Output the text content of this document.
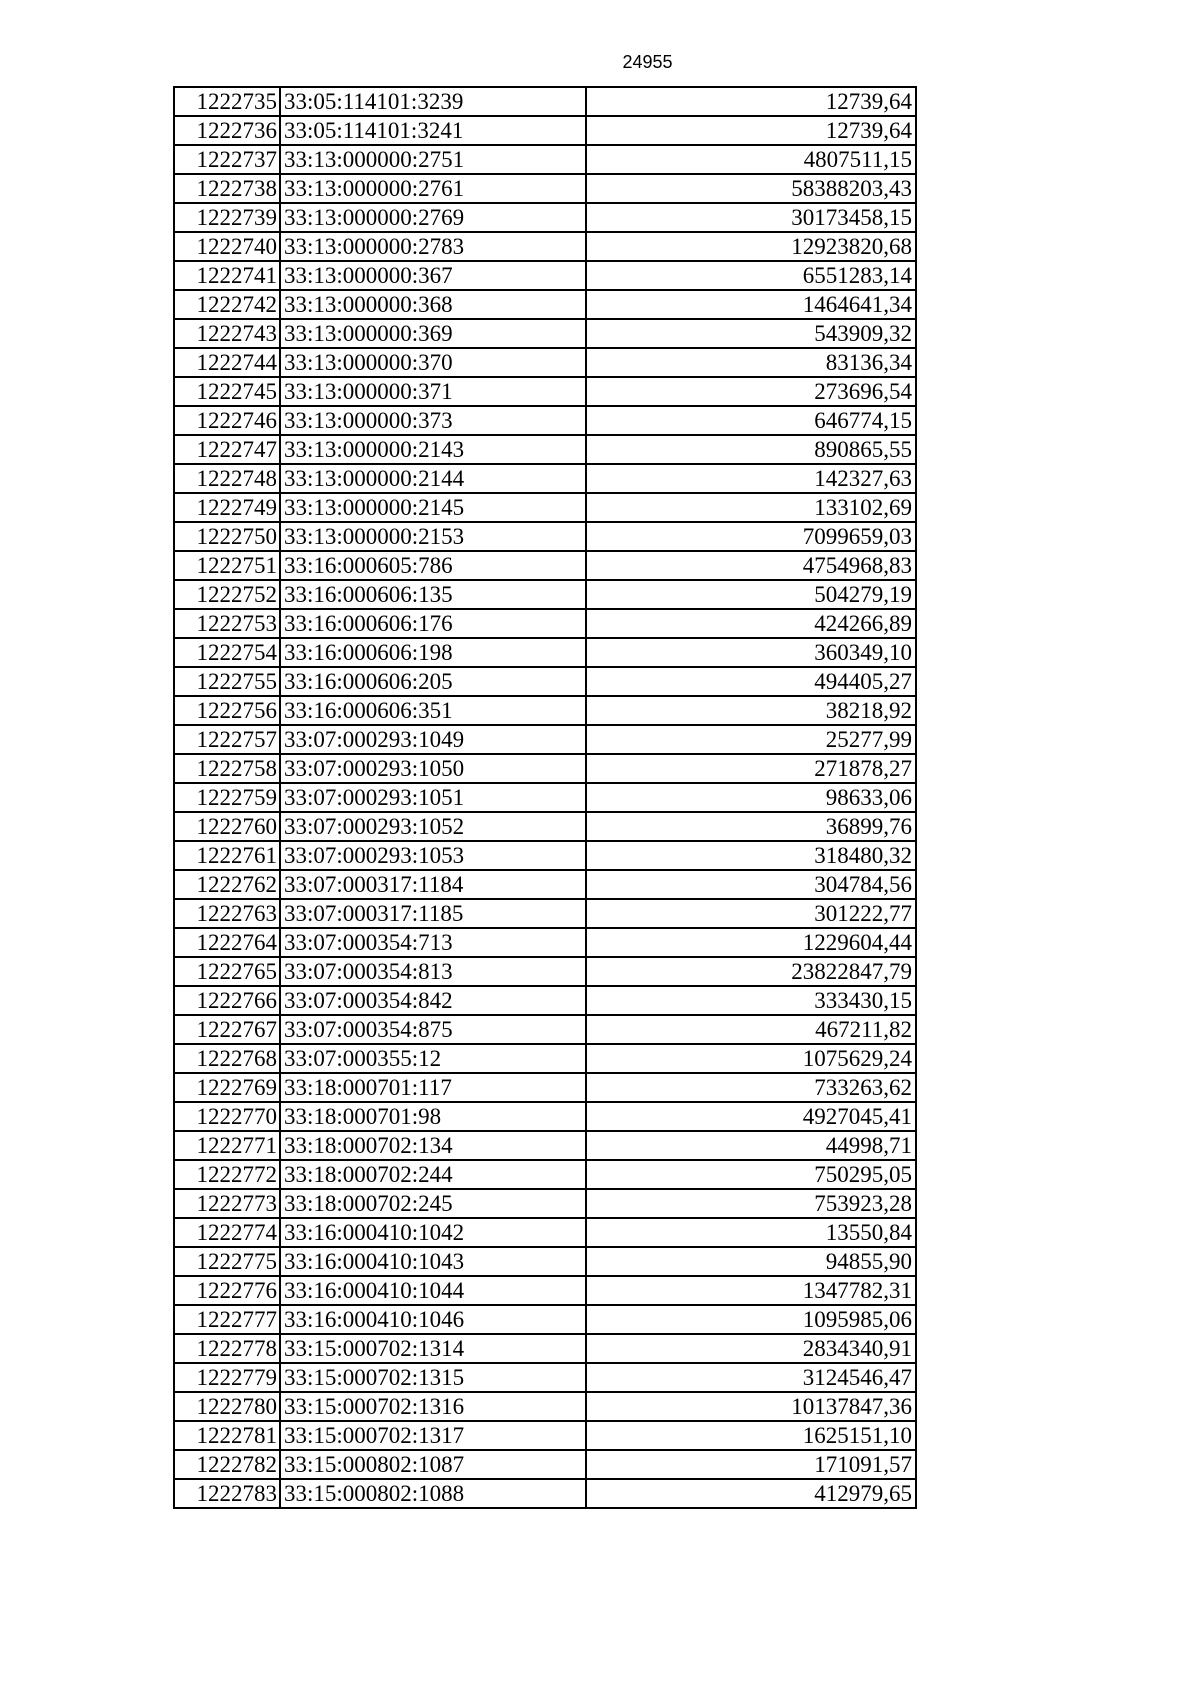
24955
1222735	33:05:114101:3239	12739,64
1222736	33:05:114101:3241	12739,64
1222737	33:13:000000:2751	4807511,15
1222738	33:13:000000:2761	58388203,43
1222739	33:13:000000:2769	30173458,15
1222740	33:13:000000:2783	12923820,68
1222741	33:13:000000:367	6551283,14
1222742	33:13:000000:368	1464641,34
1222743	33:13:000000:369	543909,32
1222744	33:13:000000:370	83136,34
1222745	33:13:000000:371	273696,54
1222746	33:13:000000:373	646774,15
1222747	33:13:000000:2143	890865,55
1222748	33:13:000000:2144	142327,63
1222749	33:13:000000:2145	133102,69
1222750	33:13:000000:2153	7099659,03
1222751	33:16:000605:786	4754968,83
1222752	33:16:000606:135	504279,19
1222753	33:16:000606:176	424266,89
1222754	33:16:000606:198	360349,10
1222755	33:16:000606:205	494405,27
1222756	33:16:000606:351	38218,92
1222757	33:07:000293:1049	25277,99
1222758	33:07:000293:1050	271878,27
1222759	33:07:000293:1051	98633,06
1222760	33:07:000293:1052	36899,76
1222761	33:07:000293:1053	318480,32
1222762	33:07:000317:1184	304784,56
1222763	33:07:000317:1185	301222,77
1222764	33:07:000354:713	1229604,44
1222765	33:07:000354:813	23822847,79
1222766	33:07:000354:842	333430,15
1222767	33:07:000354:875	467211,82
1222768	33:07:000355:12	1075629,24
1222769	33:18:000701:117	733263,62
1222770	33:18:000701:98	4927045,41
1222771	33:18:000702:134	44998,71
1222772	33:18:000702:244	750295,05
1222773	33:18:000702:245	753923,28
1222774	33:16:000410:1042	13550,84
1222775	33:16:000410:1043	94855,90
1222776	33:16:000410:1044	1347782,31
1222777	33:16:000410:1046	1095985,06
1222778	33:15:000702:1314	2834340,91
1222779	33:15:000702:1315	3124546,47
1222780	33:15:000702:1316	10137847,36
1222781	33:15:000702:1317	1625151,10
1222782	33:15:000802:1087	171091,57
1222783	33:15:000802:1088	412979,65
